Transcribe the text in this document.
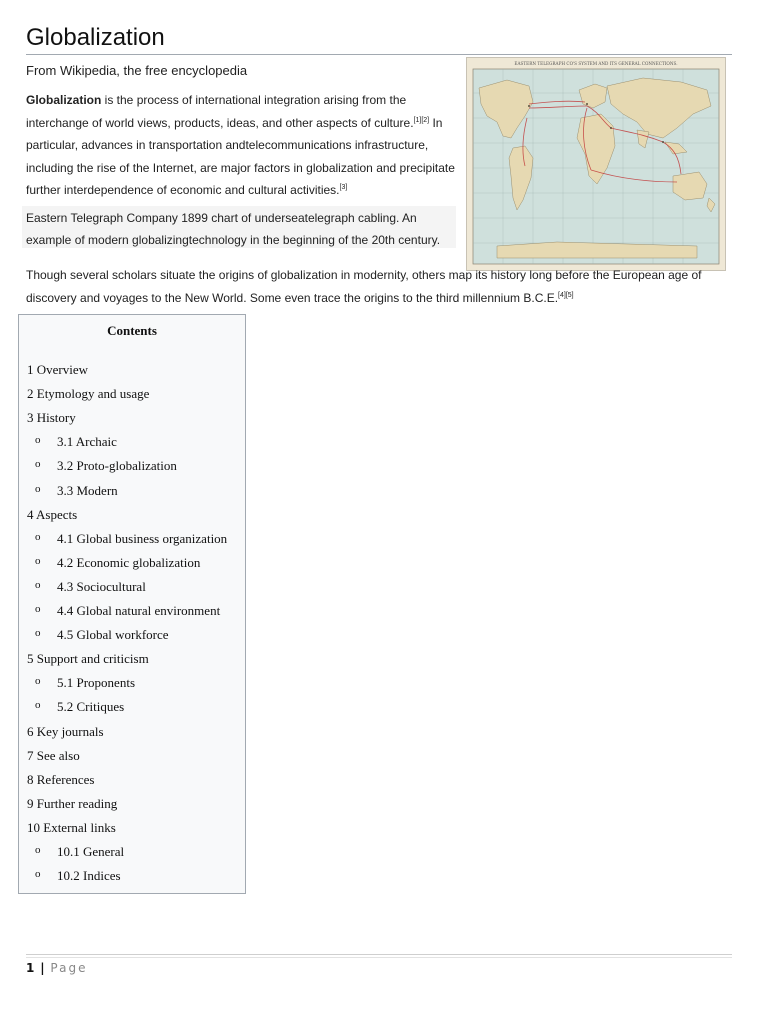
Globalization
From Wikipedia, the free encyclopedia
Globalization is the process of international integration arising from the interchange of world views, products, ideas, and other aspects of culture.[1][2] In particular, advances in transportation andtelecommunications infrastructure, including the rise of the Internet, are major factors in globalization and precipitate further interdependence of economic and cultural activities.[3]
Eastern Telegraph Company 1899 chart of underseatelegraph cabling. An example of modern globalizingtechnology in the beginning of the 20th century.
EASTERN TELEGRAPH CO'S SYSTEM AND ITS GENERAL CONNECTIONS.
Though several scholars situate the origins of globalization in modernity, others map its history long before the European age of discovery and voyages to the New World. Some even trace the origins to the third millennium B.C.E.[4][5]
Contents
1 Overview
2 Etymology and usage
3 History
o 3.1 Archaic
o 3.2 Proto-globalization
o 3.3 Modern
4 Aspects
o 4.1 Global business organization
o 4.2 Economic globalization
o 4.3 Sociocultural
o 4.4 Global natural environment
o 4.5 Global workforce
5 Support and criticism
o 5.1 Proponents
o 5.2 Critiques
6 Key journals
7 See also
8 References
9 Further reading
10 External links
o 10.1 General
o 10.2 Indices
1 | Page
